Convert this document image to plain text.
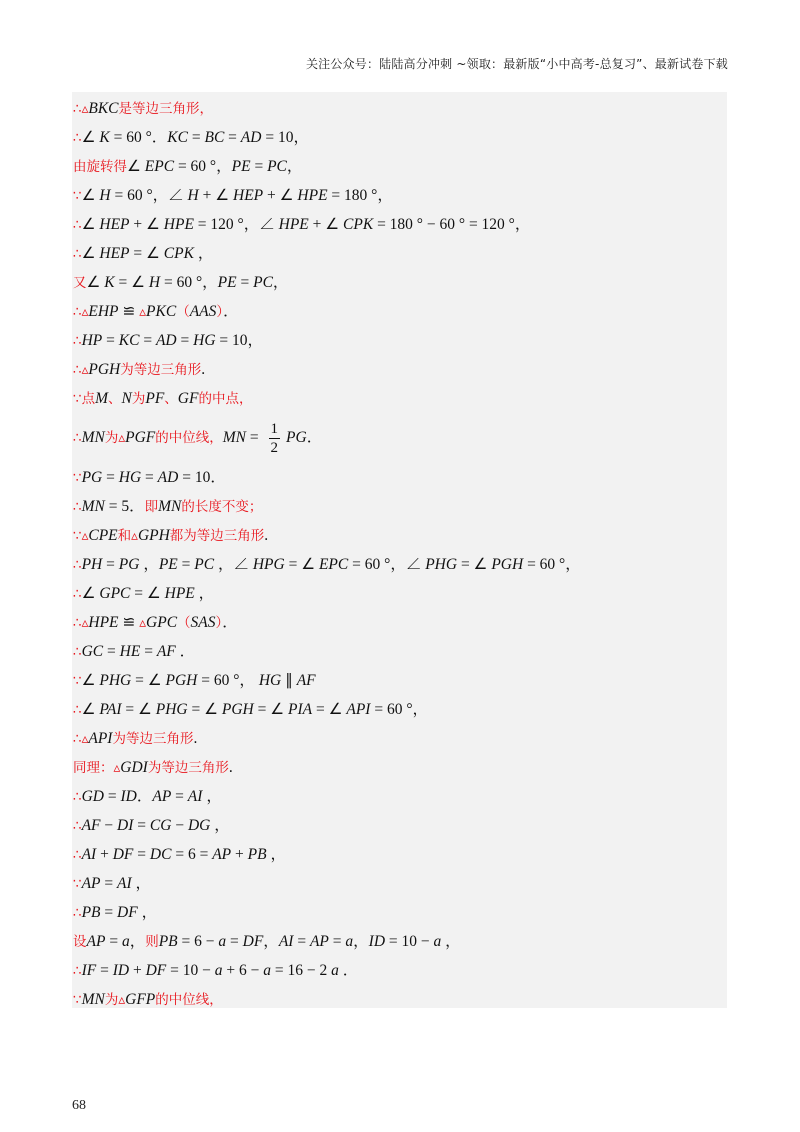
关注公众号：陆陆高分冲刺 ~领取：最新版“小中高考-总复习”、最新试卷下载
∴▵BKC是等边三角形，
∴∠ K = 60 °．KC = BC = AD = 10，
由旋转得∠ EPC = 60 °，PE = PC，
∵∠ H = 60 °，∠ H + ∠ HEP + ∠ HPE = 180 °，
∴∠ HEP + ∠ HPE = 120 °，∠ HPE + ∠ CPK = 180 ° − 60 ° = 120 °，
∴∠ HEP = ∠ CPK ，
又∠ K = ∠ H = 60 °，PE = PC，
∴▵EHP ≌ ▵PKC（AAS）．
∴HP = KC = AD = HG = 10，
∴▵PGH为等边三角形.
∵点M、N为PF、GF的中点，
∴MN为▵PGF的中位线，MN = $\frac{1}{2}$ PG．
∵PG = HG = AD = 10．
∴MN = 5．即MN的长度不变；
∵▵CPE和▵GPH都为等边三角形.
∴PH = PG ，PE = PC ，∠ HPG = ∠ EPC = 60 °，∠ PHG = ∠ PGH = 60 °，
∴∠ GPC = ∠ HPE ，
∴▵HPE ≌ ▵GPC（SAS）．
∴GC = HE = AF ．
∵∠ PHG = ∠ PGH = 60 °， HG ∥ AF
∴∠ PAI = ∠ PHG = ∠ PGH = ∠ PIA = ∠ API = 60 °，
∴▵API为等边三角形.
同理：▵GDI为等边三角形.
∴GD = ID．AP = AI ，
∴AF − DI = CG − DG ，
∴AI + DF = DC = 6 = AP + PB ，
∵AP = AI ，
∴PB = DF ，
设AP = a，则PB = 6 − a = DF，AI = AP = a，ID = 10 − a ，
∴IF = ID + DF = 10 − a + 6 − a = 16 − 2 a ．
∵MN为▵GFP的中位线，
68
